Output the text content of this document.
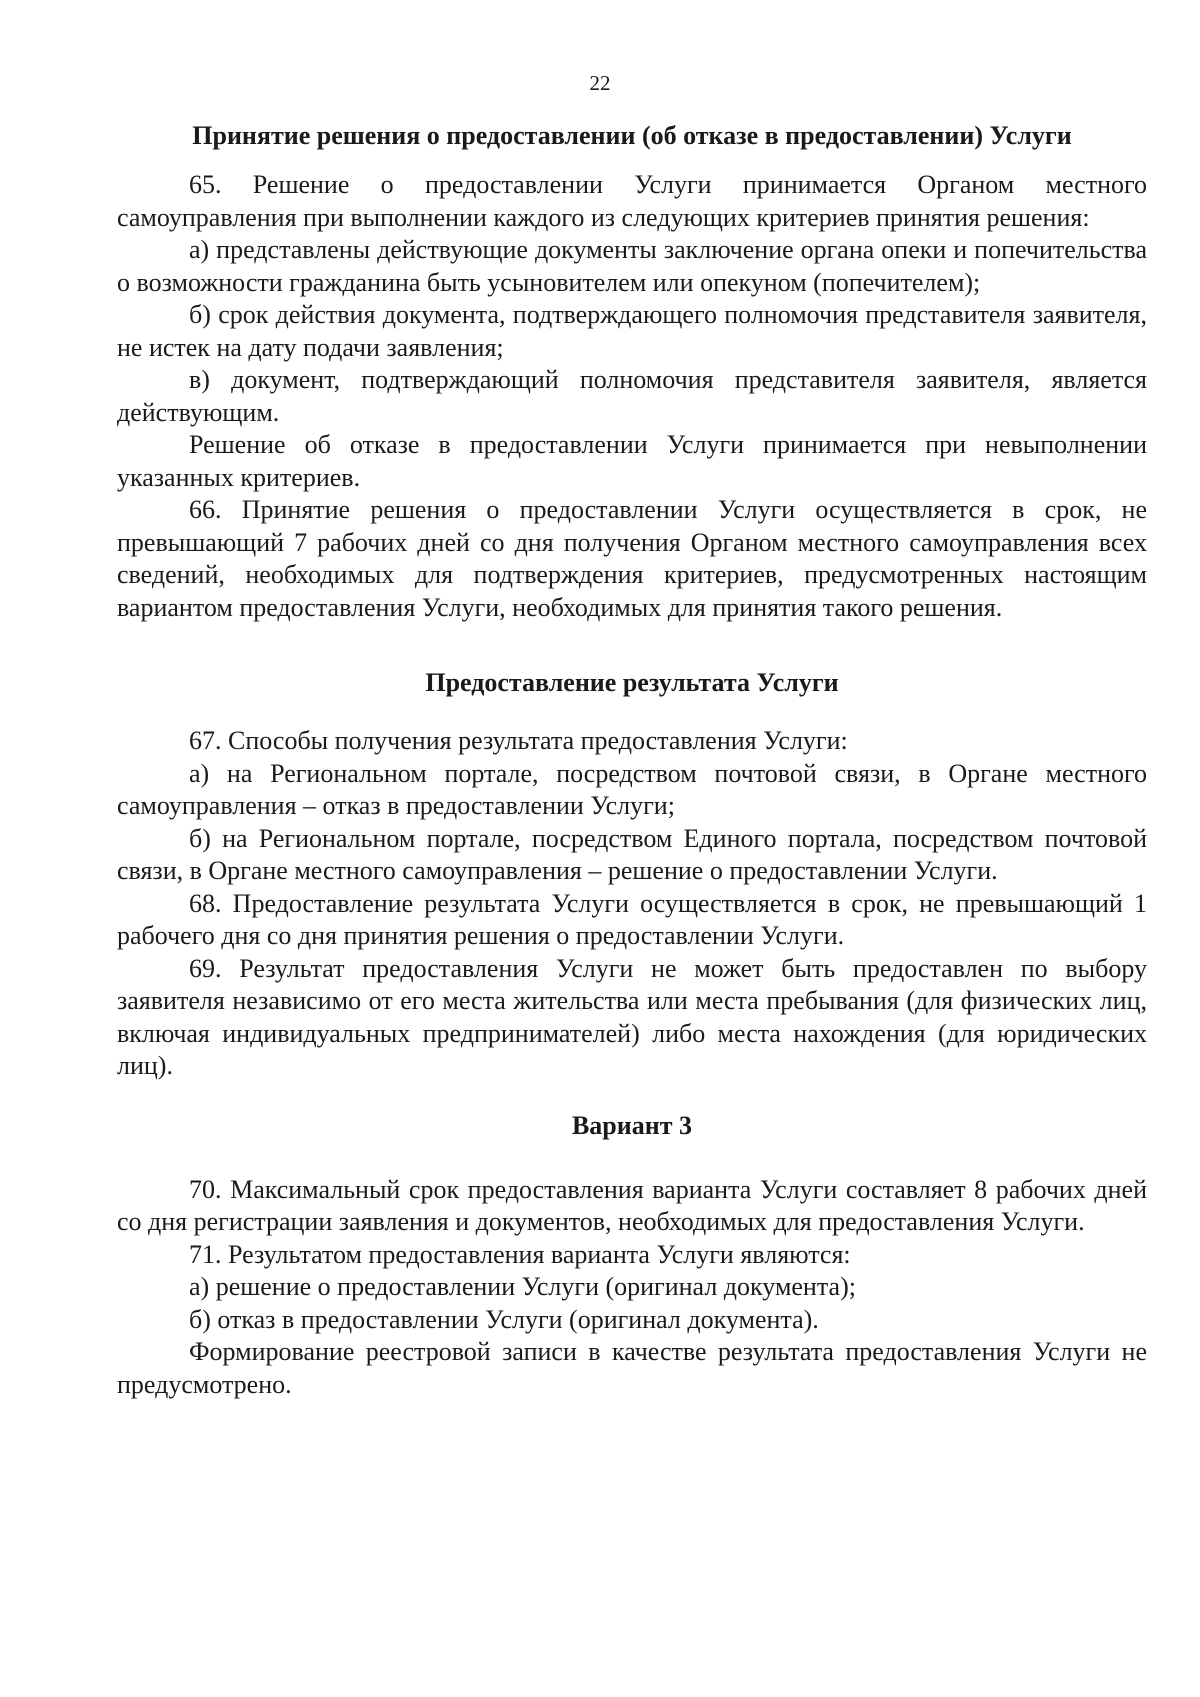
22
Принятие решения о предоставлении (об отказе в предоставлении) Услуги

65. Решение о предоставлении Услуги принимается Органом местного самоуправления при выполнении каждого из следующих критериев принятия решения:

а) представлены действующие документы заключение органа опеки и попечительства о возможности гражданина быть усыновителем или опекуном (попечителем);

б) срок действия документа, подтверждающего полномочия представителя заявителя, не истек на дату подачи заявления;

в) документ, подтверждающий полномочия представителя заявителя, является действующим.

Решение об отказе в предоставлении Услуги принимается при невыполнении указанных критериев.

66. Принятие решения о предоставлении Услуги осуществляется в срок, не превышающий 7 рабочих дней со дня получения Органом местного самоуправления всех сведений, необходимых для подтверждения критериев, предусмотренных настоящим вариантом предоставления Услуги, необходимых для принятия такого решения.

Предоставление результата Услуги

67. Способы получения результата предоставления Услуги:

а) на Региональном портале, посредством почтовой связи, в Органе местного самоуправления – отказ в предоставлении Услуги;

б) на Региональном портале, посредством Единого портала, посредством почтовой связи, в Органе местного самоуправления – решение о предоставлении Услуги.

68. Предоставление результата Услуги осуществляется в срок, не превышающий 1 рабочего дня со дня принятия решения о предоставлении Услуги.

69. Результат предоставления Услуги не может быть предоставлен по выбору заявителя независимо от его места жительства или места пребывания (для физических лиц, включая индивидуальных предпринимателей) либо места нахождения (для юридических лиц).

Вариант 3

70. Максимальный срок предоставления варианта Услуги составляет 8 рабочих дней со дня регистрации заявления и документов, необходимых для предоставления Услуги.

71. Результатом предоставления варианта Услуги являются:

а) решение о предоставлении Услуги (оригинал документа);

б) отказ в предоставлении Услуги (оригинал документа).

Формирование реестровой записи в качестве результата предоставления Услуги не предусмотрено.
